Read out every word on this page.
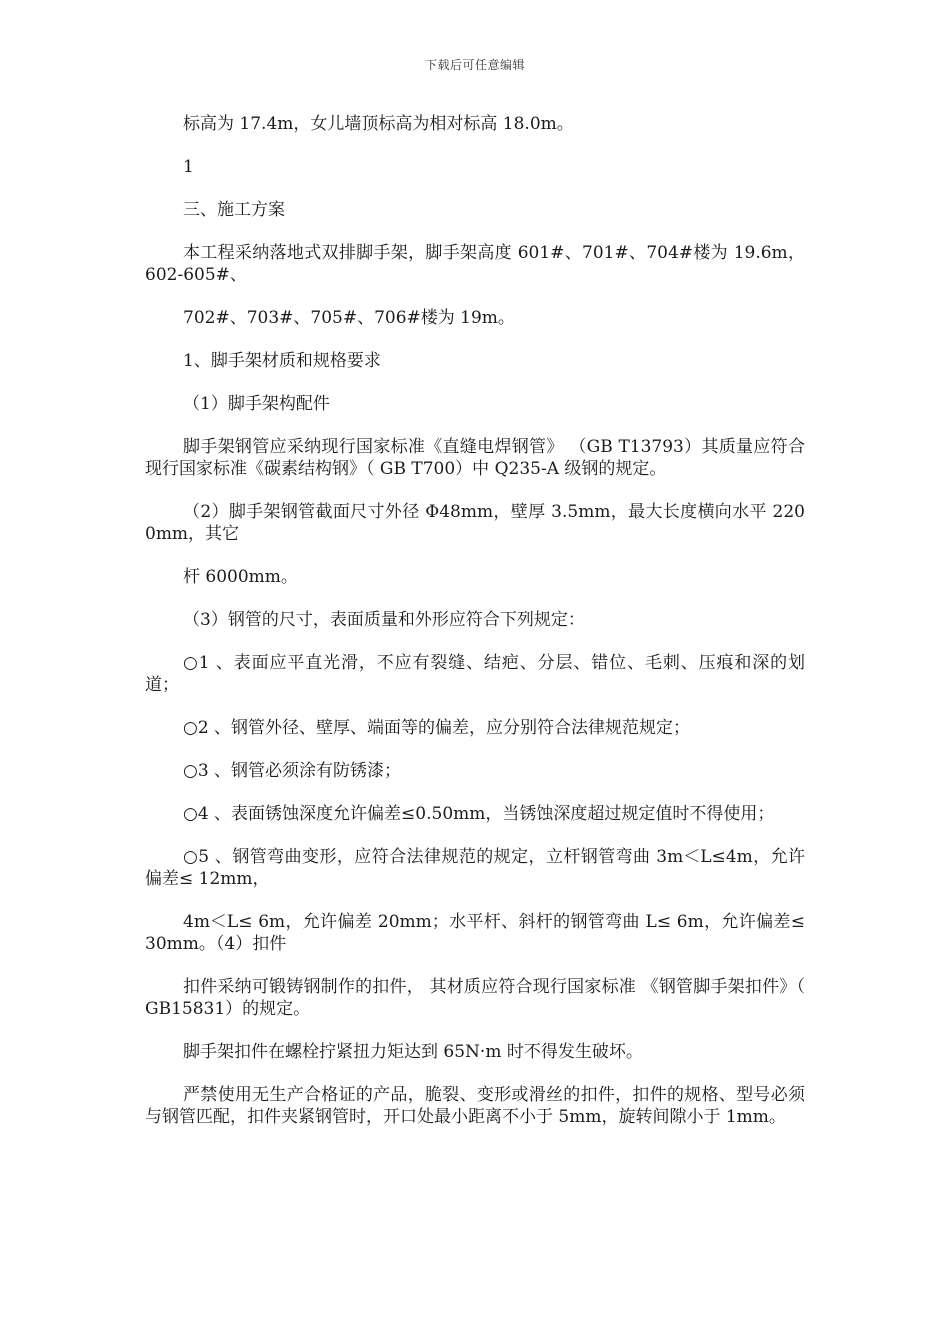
下载后可任意编辑

标高为 17.4m，女儿墙顶标高为相对标高 18.0m。

1

三、施工方案

本工程采纳落地式双排脚手架，脚手架高度 601#、701#、704#楼为 19.6m，602-605#、

702#、703#、705#、706#楼为 19m。

1、脚手架材质和规格要求

（1）脚手架构配件

脚手架钢管应采纳现行国家标准《直缝电焊钢管》 （GB T13793）其质量应符合现行国家标准《碳素结构钢》（ GB T700）中 Q235-A 级钢的规定。

（2）脚手架钢管截面尺寸外径 Φ48mm，壁厚 3.5mm，最大长度横向水平 2200mm，其它

杆 6000mm。

（3）钢管的尺寸，表面质量和外形应符合下列规定：

○1 、表面应平直光滑，不应有裂缝、结疤、分层、错位、毛刺、压痕和深的划道；

○2 、钢管外径、壁厚、端面等的偏差，应分别符合法律规范规定；

○3 、钢管必须涂有防锈漆；

○4 、表面锈蚀深度允许偏差≤0.50mm，当锈蚀深度超过规定值时不得使用；

○5 、钢管弯曲变形，应符合法律规范的规定，立杆钢管弯曲 3m＜L≤4m，允许偏差≤ 12mm，

4m＜L≤ 6m，允许偏差 20mm；水平杆、斜杆的钢管弯曲 L≤ 6m，允许偏差≤ 30mm。（4）扣件

扣件采纳可锻铸钢制作的扣件， 其材质应符合现行国家标准 《钢管脚手架扣件》（ GB15831）的规定。

脚手架扣件在螺栓拧紧扭力矩达到 65N·m 时不得发生破坏。

严禁使用无生产合格证的产品，脆裂、变形或滑丝的扣件，扣件的规格、型号必须与钢管匹配，扣件夹紧钢管时，开口处最小距离不小于 5mm，旋转间隙小于 1mm。
